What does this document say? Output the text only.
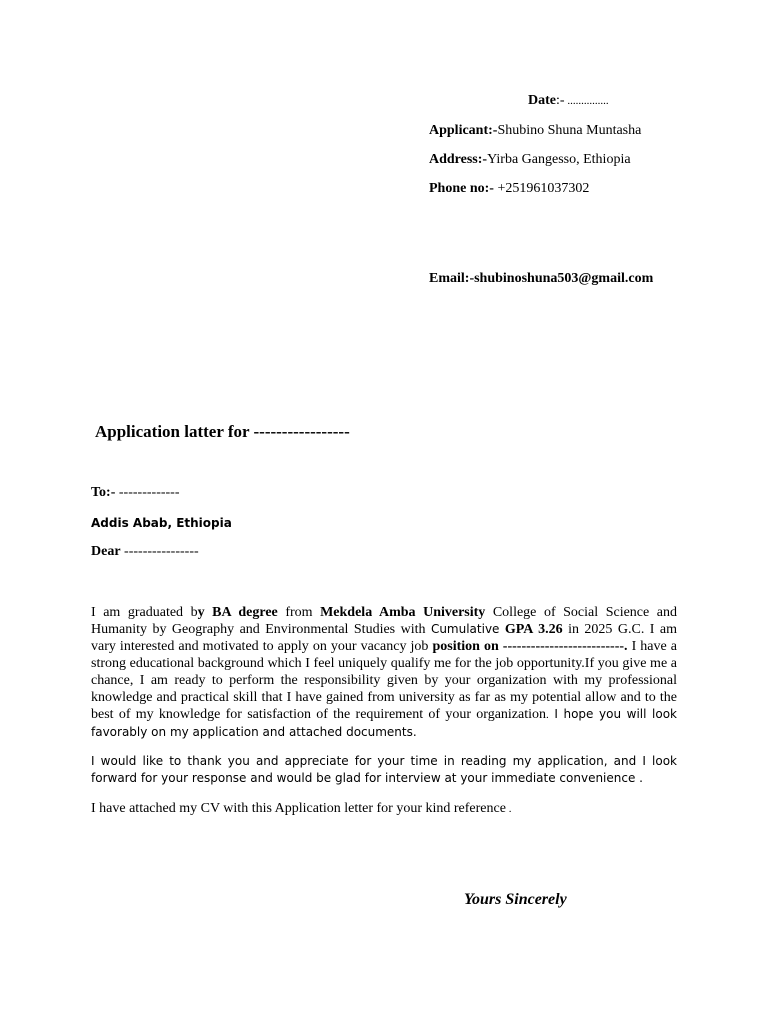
Date:- ...............
Applicant:-Shubino Shuna Muntasha
Address:-Yirba Gangesso, Ethiopia
Phone no:- +251961037302
Email:-shubinoshuna503@gmail.com
Application latter for -----------------
To:- -------------
Addis Abab, Ethiopia
Dear ----------------
I am graduated by BA degree from Mekdela Amba University College of Social Science and Humanity by Geography and Environmental Studies with Cumulative GPA 3.26 in 2025 G.C. I am vary interested and motivated to apply on your vacancy job position on --------------------------. I have a strong educational background which I feel uniquely qualify me for the job opportunity.If you give me a chance, I am ready to perform the responsibility given by your organization with my professional knowledge and practical skill that I have gained from university as far as my potential allow and to the best of my knowledge for satisfaction of the requirement of your organization. I hope you will look favorably on my application and attached documents.
I would like to thank you and appreciate for your time in reading my application, and I look forward for your response and would be glad for interview at your immediate convenience .
I have attached my CV with this Application letter for your kind reference .
Yours Sincerely
